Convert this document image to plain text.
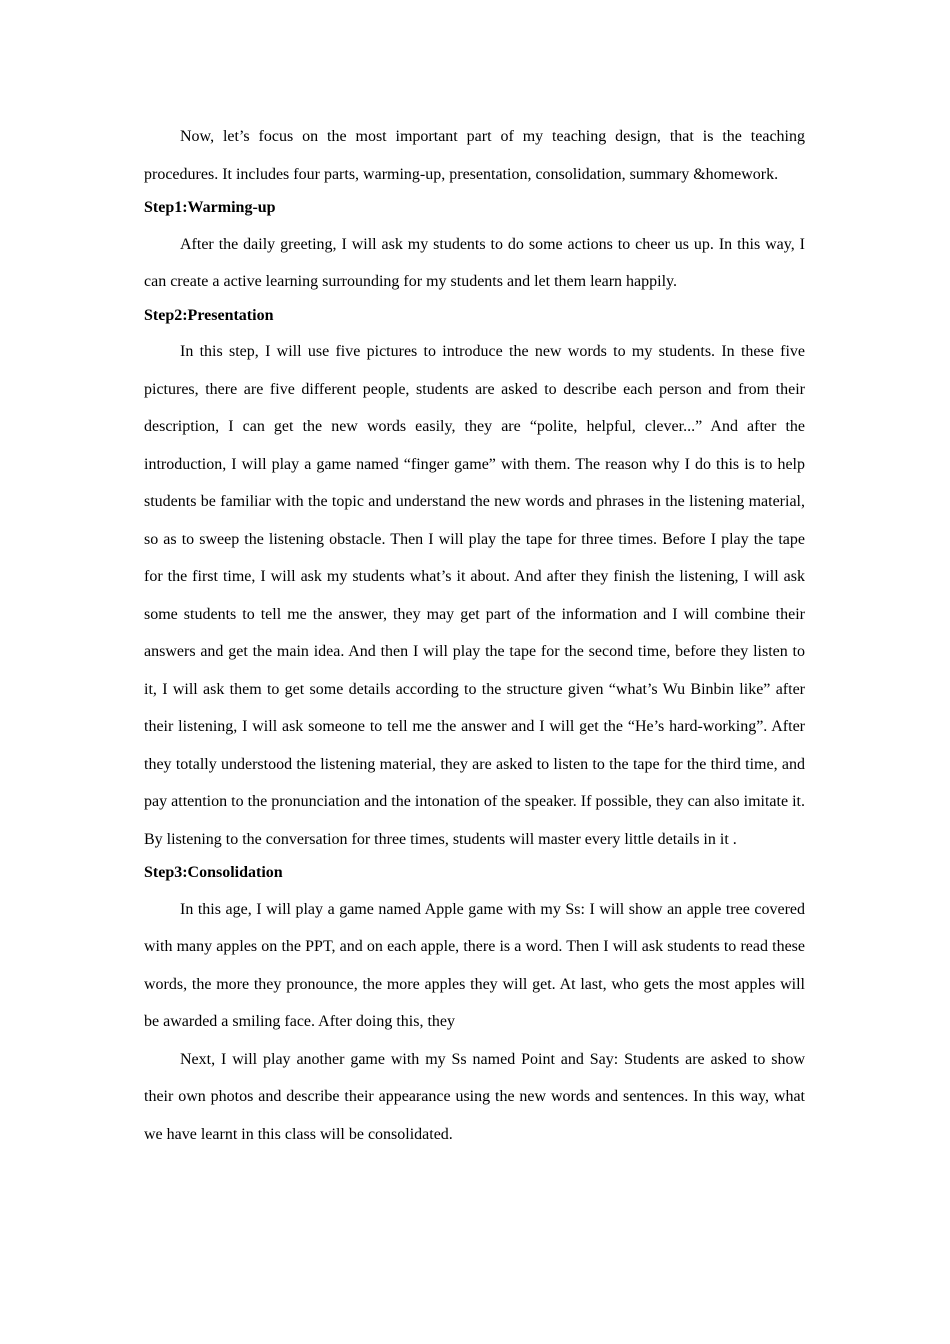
Now, let’s focus on the most important part of my teaching design, that is the teaching procedures. It includes four parts, warming-up, presentation, consolidation, summary &homework.

Step1:Warming-up

After the daily greeting, I will ask my students to do some actions to cheer us up. In this way, I can create a active learning surrounding for my students and let them learn happily.

Step2:Presentation

In this step, I will use five pictures to introduce the new words to my students. In these five pictures, there are five different people, students are asked to describe each person and from their description, I can get the new words easily, they are “polite, helpful, clever...” And after the introduction, I will play a game named “finger game” with them. The reason why I do this is to help students be familiar with the topic and understand the new words and phrases in the listening material, so as to sweep the listening obstacle. Then I will play the tape for three times. Before I play the tape for the first time, I will ask my students what’s it about. And after they finish the listening, I will ask some students to tell me the answer, they may get part of the information and I will combine their answers and get the main idea. And then I will play the tape for the second time, before they listen to it, I will ask them to get some details according to the structure given “what’s Wu Binbin like” after their listening, I will ask someone to tell me the answer and I will get the “He’s hard-working”. After they totally understood the listening material, they are asked to listen to the tape for the third time, and pay attention to the pronunciation and the intonation of the speaker. If possible, they can also imitate it. By listening to the conversation for three times, students will master every little details in it .

Step3:Consolidation

In this age, I will play a game named Apple game with my Ss: I will show an apple tree covered with many apples on the PPT, and on each apple, there is a word. Then I will ask students to read these words, the more they pronounce, the more apples they will get. At last, who gets the most apples will be awarded a smiling face. After doing this, they

Next, I will play another game with my Ss named Point and Say: Students are asked to show their own photos and describe their appearance using the new words and sentences. In this way, what we have learnt in this class will be consolidated.
